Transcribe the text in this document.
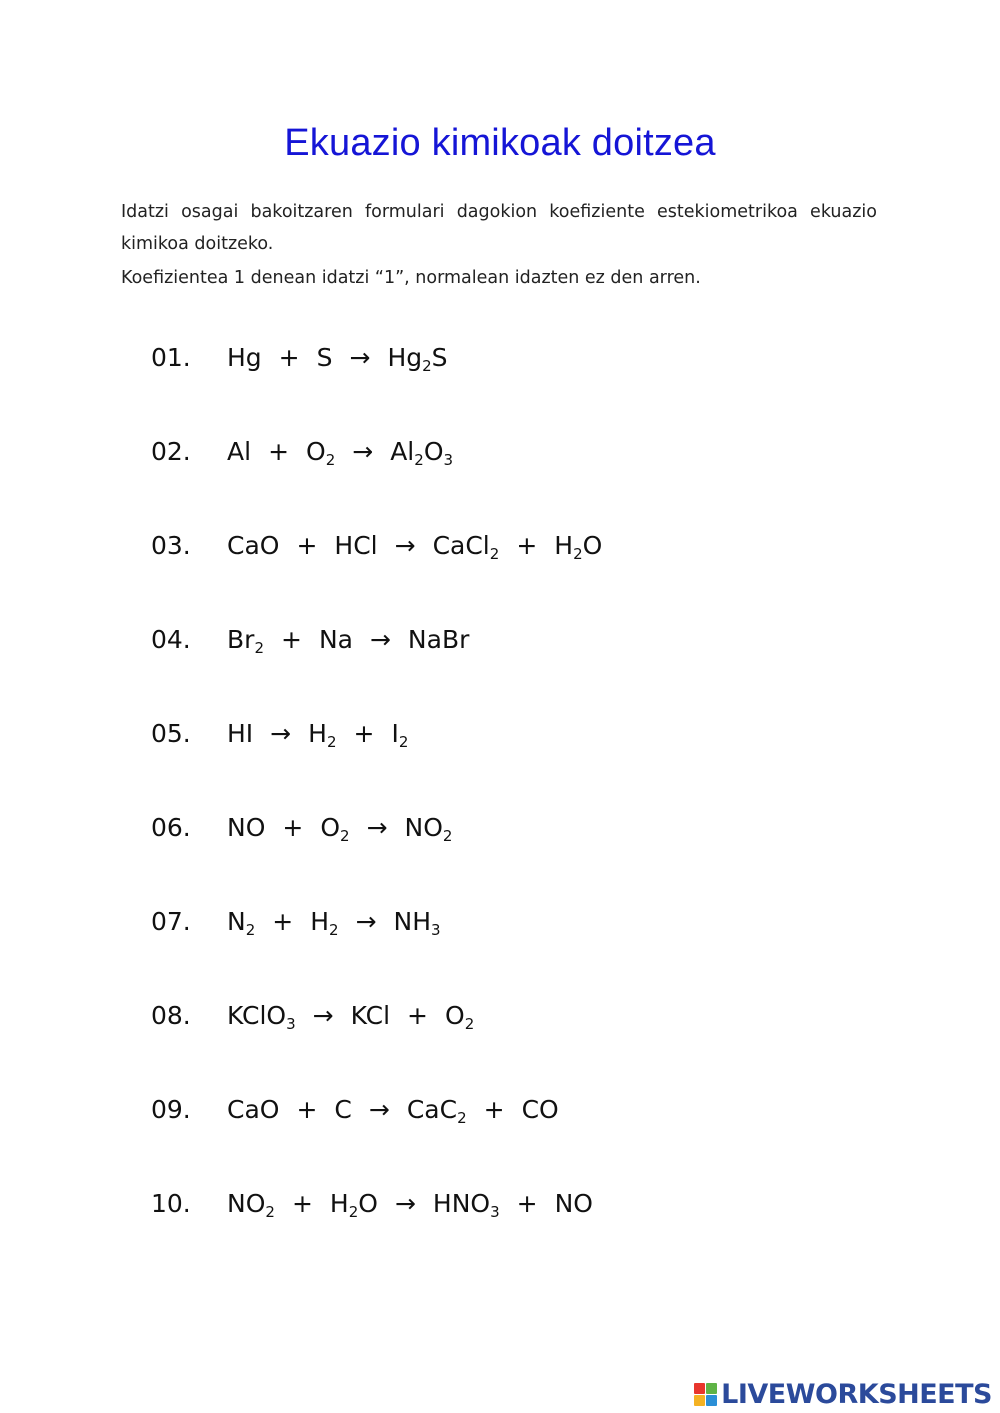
Ekuazio kimikoak doitzea
Idatzi osagai bakoitzaren formulari dagokion koefiziente estekiometrikoa ekuazio kimikoa doitzeko.
Koefizientea 1 denean idatzi “1”, normalean idazten ez den arren.
01. $Hg + S \to Hg_2S$
02. $Al + O_2 \to Al_2O_3$
03. CaO + HCl → CaCl$_2$ + $H_2O$
04. $Br_2 + Na$ → NaBr
05. HI → $H_2 + I_2$
06. NO + $O_2 \to NO_2$
07. $N_2 + H_2 \to NH_3$
08. KClO$_3$ → KCl + $O_2$
09. CaO + C → CaC$_2$ + CO
10. $NO_2 + H_2O \to HNO_3$ + NO
LIVEWORKSHEETS
